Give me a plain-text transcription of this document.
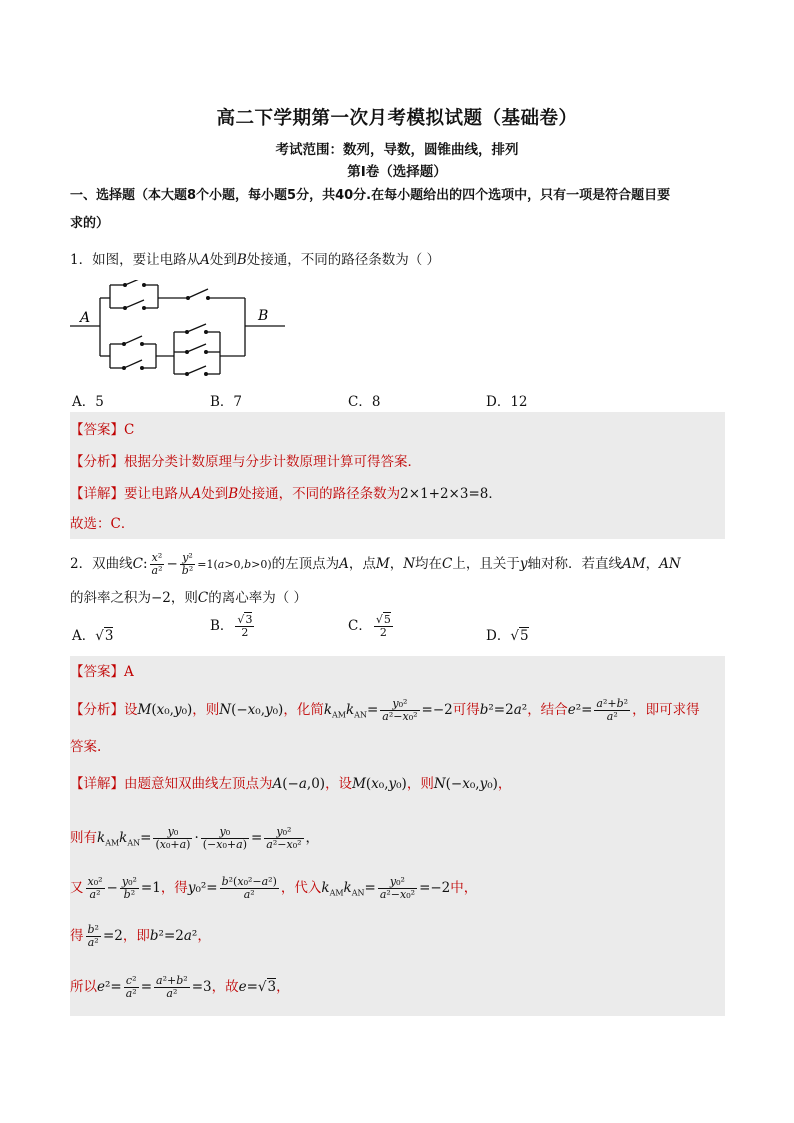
高二下学期第一次月考模拟试题（基础卷）
考试范围：数列，导数，圆锥曲线，排列
第Ⅰ卷（选择题）
一、选择题（本大题8个小题，每小题5分，共40分.在每小题给出的四个选项中，只有一项是符合题目要
求的）
1．如图，要让电路从A处到B处接通，不同的路径条数为（ ）
A	B
A．5	B．7	C．8	D．12
【答案】C
【分析】根据分类计数原理与分步计数原理计算可得答案．
【详解】要让电路从A处到B处接通，不同的路径条数为2×1+2×3=8．
故选：C．
2．双曲线C: $\frac{\text{x²}}{\text{a²}} - \frac{\text{y²}}{\text{b²}} =1(a>0,b>0)$的左顶点为A，点M，N均在C上，且关于y轴对称．若直线AM，AN
的斜率之积为−2，则C的离心率为（ ）
A．√3
B． $\frac{√3}{2}$	C． $\frac{√5}{2}$	D．√5
【答案】A
【分析】设M(x₀,y₀)，则N(−x₀,y₀)，化简$k_{AM}k_{AN}= \frac{\text{y₀²}}{\text{a²−x₀²}} =-2$可得b²=2a²，结合$e^2= \frac{\text{a²+b²}}{\text{a²}}$ ，即可求得
答案.
【详解】由题意知双曲线左顶点为A(−a,0)，设M(x₀,y₀)，则N(−x₀,y₀)，
则有$k_{AM}k_{AN}= \frac{\text{y₀}}{\text{(x₀+a)}} \cdot \frac{\text{y₀}}{\text{(−x₀+a)}} = \frac{\text{y₀²}}{\text{a²−x₀²}}$ ，
又 $\frac{\text{x₀²}}{\text{a²}} - \frac{\text{y₀²}}{\text{b²}} =1$，得$y_0^2= \frac{\text{b²(x₀²−a²)}}{\text{a²}}$ ，代入$k_{AM}k_{AN}= \frac{\text{y₀²}}{\text{a²−x₀²}} =-2$中，
得 $\frac{\text{b²}}{\text{a²}} =2$，即b²=2a²，
所以$e^2= \frac{\text{c²}}{\text{a²}} = \frac{\text{a²+b²}}{\text{a²}} =3$，故e=√3，
